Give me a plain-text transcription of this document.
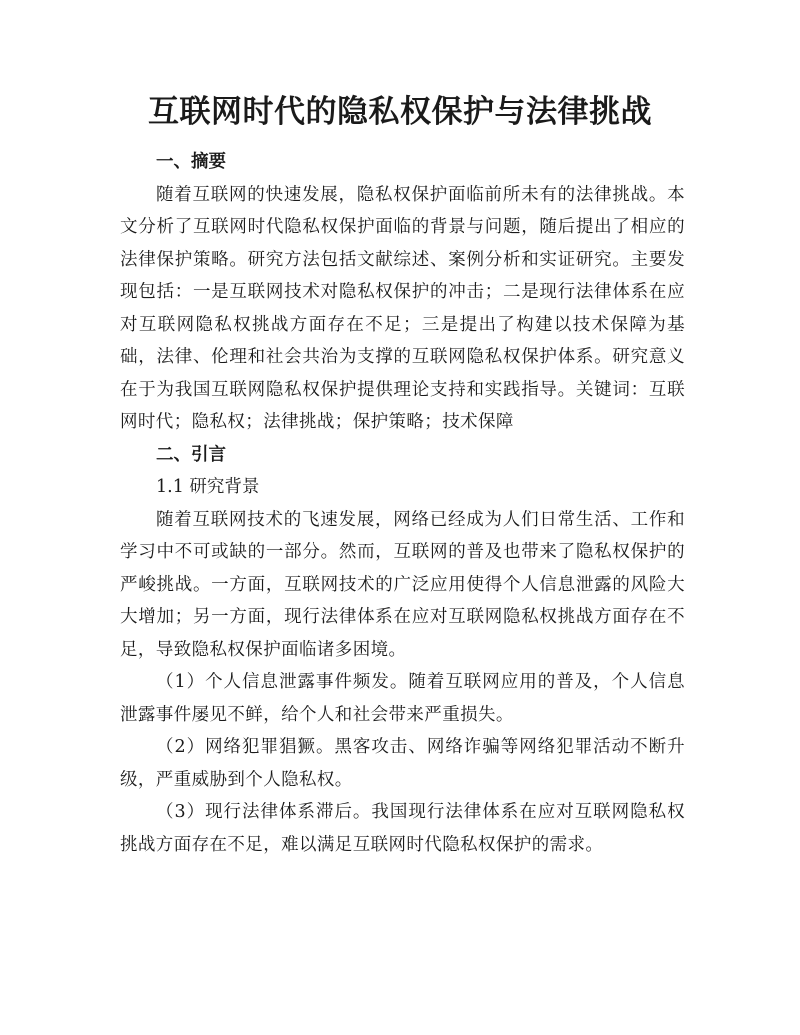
互联网时代的隐私权保护与法律挑战

一、摘要

随着互联网的快速发展，隐私权保护面临前所未有的法律挑战。本文分析了互联网时代隐私权保护面临的背景与问题，随后提出了相应的法律保护策略。研究方法包括文献综述、案例分析和实证研究。主要发现包括：一是互联网技术对隐私权保护的冲击；二是现行法律体系在应对互联网隐私权挑战方面存在不足；三是提出了构建以技术保障为基础，法律、伦理和社会共治为支撑的互联网隐私权保护体系。研究意义在于为我国互联网隐私权保护提供理论支持和实践指导。关键词：互联网时代；隐私权；法律挑战；保护策略；技术保障

二、引言

1.1 研究背景

随着互联网技术的飞速发展，网络已经成为人们日常生活、工作和学习中不可或缺的一部分。然而，互联网的普及也带来了隐私权保护的严峻挑战。一方面，互联网技术的广泛应用使得个人信息泄露的风险大大增加；另一方面，现行法律体系在应对互联网隐私权挑战方面存在不足，导致隐私权保护面临诸多困境。

（1）个人信息泄露事件频发。随着互联网应用的普及，个人信息泄露事件屡见不鲜，给个人和社会带来严重损失。

（2）网络犯罪猖獗。黑客攻击、网络诈骗等网络犯罪活动不断升级，严重威胁到个人隐私权。

（3）现行法律体系滞后。我国现行法律体系在应对互联网隐私权挑战方面存在不足，难以满足互联网时代隐私权保护的需求。
